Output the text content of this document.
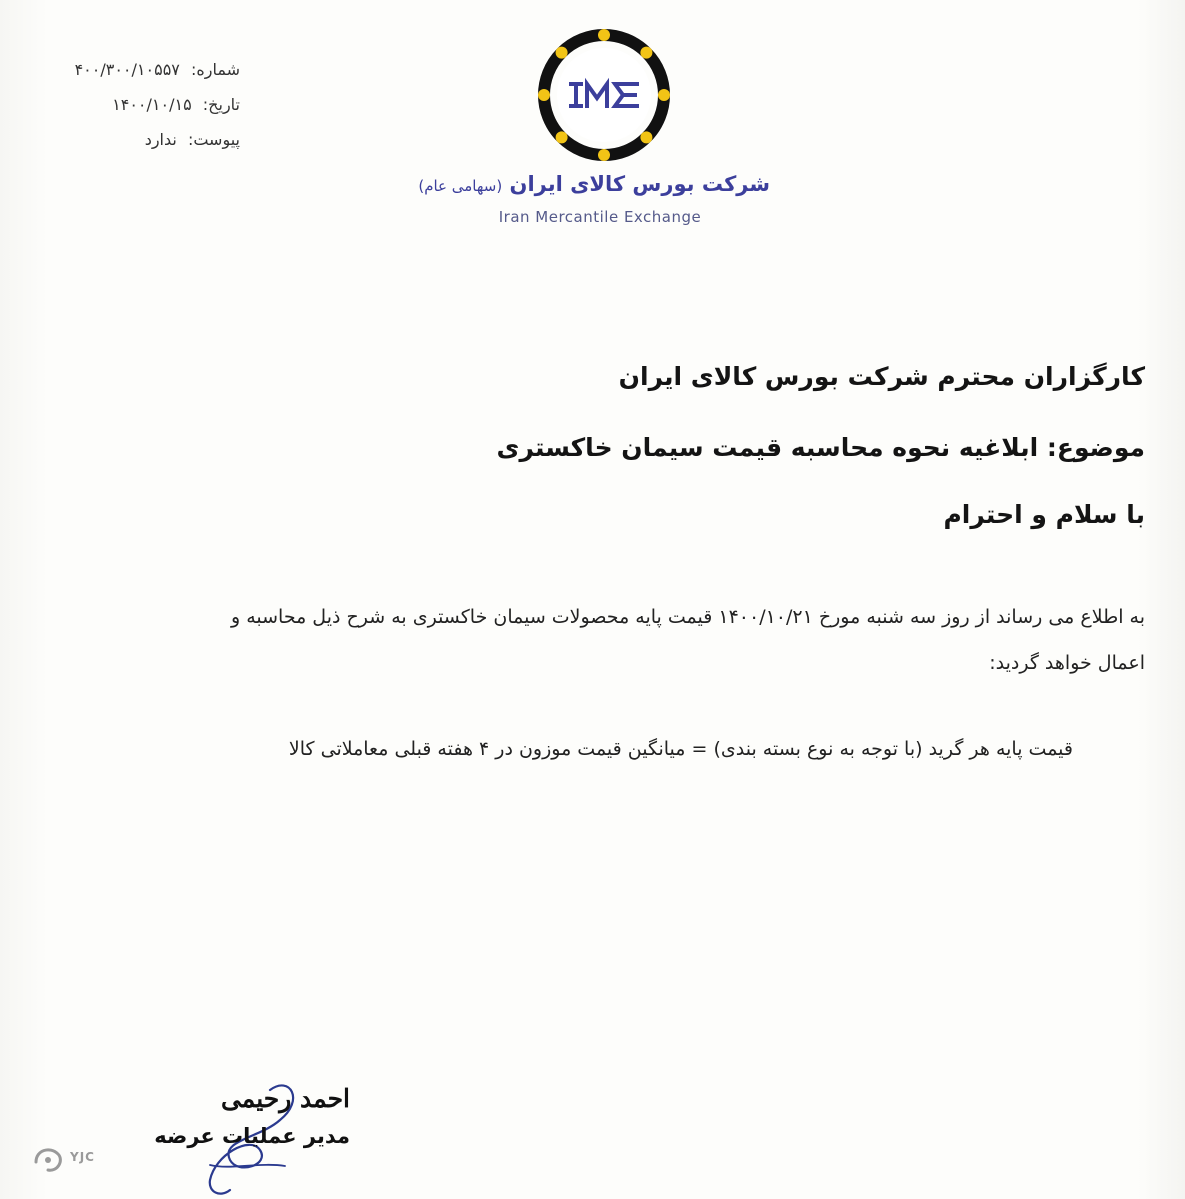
شماره: ۴۰۰/۳۰۰/۱۰۵۵۷
تاریخ: ۱۴۰۰/۱۰/۱۵
پیوست: ندارد
شرکت بورس کالای ایران (سهامی عام)
Iran Mercantile Exchange
کارگزاران محترم شرکت بورس کالای ایران
موضوع: ابلاغیه نحوه محاسبه قیمت سیمان خاکستری
با سلام و احترام

به اطلاع می رساند از روز سه شنبه مورخ ۱۴۰۰/۱۰/۲۱ قیمت پایه محصولات سیمان خاکستری به شرح ذیل محاسبه و

اعمال خواهد گردید:

قیمت پایه هر گرید (با توجه به نوع بسته بندی) = میانگین قیمت موزون در ۴ هفته قبلی معاملاتی کالا
احمد رحیمی
مدیر عملیات عرضه
YJC
